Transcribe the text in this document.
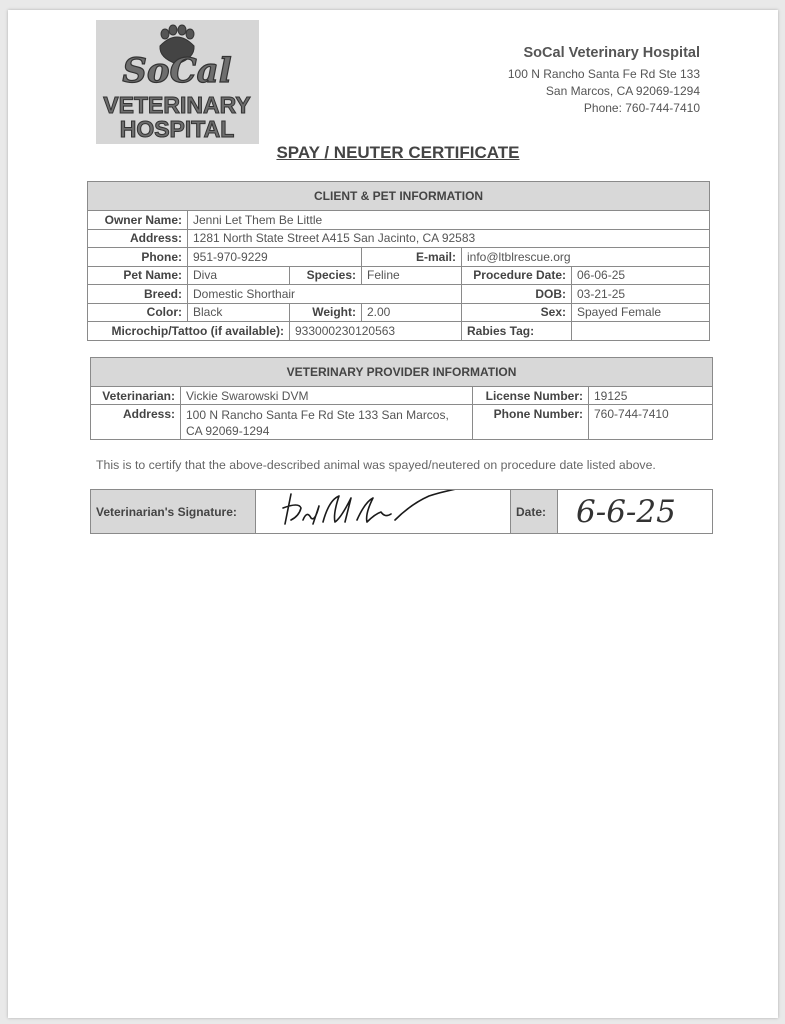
SoCal
VETERINARY
HOSPITAL
SoCal Veterinary Hospital
100 N Rancho Santa Fe Rd Ste 133
San Marcos, CA 92069-1294
Phone: 760-744-7410
SPAY / NEUTER CERTIFICATE
CLIENT & PET INFORMATION					
Owner Name:	Jenni Let Them Be Little				
Address:	1281 North State Street A415 San Jacinto, CA 92583				
Phone:	951-970-9229		E-mail:	info@ltblrescue.org	
Pet Name:	Diva	Species:	Feline	Procedure Date:	06-06-25
Breed:	Domestic Shorthair			DOB:	03-21-25
Color:	Black	Weight:	2.00	Sex:	Spayed Female
Microchip/Tattoo (if available):		933000230120563		Rabies Tag:	
VETERINARY PROVIDER INFORMATION			
Veterinarian:	Vickie Swarowski DVM	License Number:	19125
Address:	100 N Rancho Santa Fe Rd Ste 133 San Marcos, CA 92069-1294	Phone Number:	760-744-7410
This is to certify that the above-described animal was spayed/neutered on procedure date listed above.
Veterinarian's Signature:		Date:	6-6-25
